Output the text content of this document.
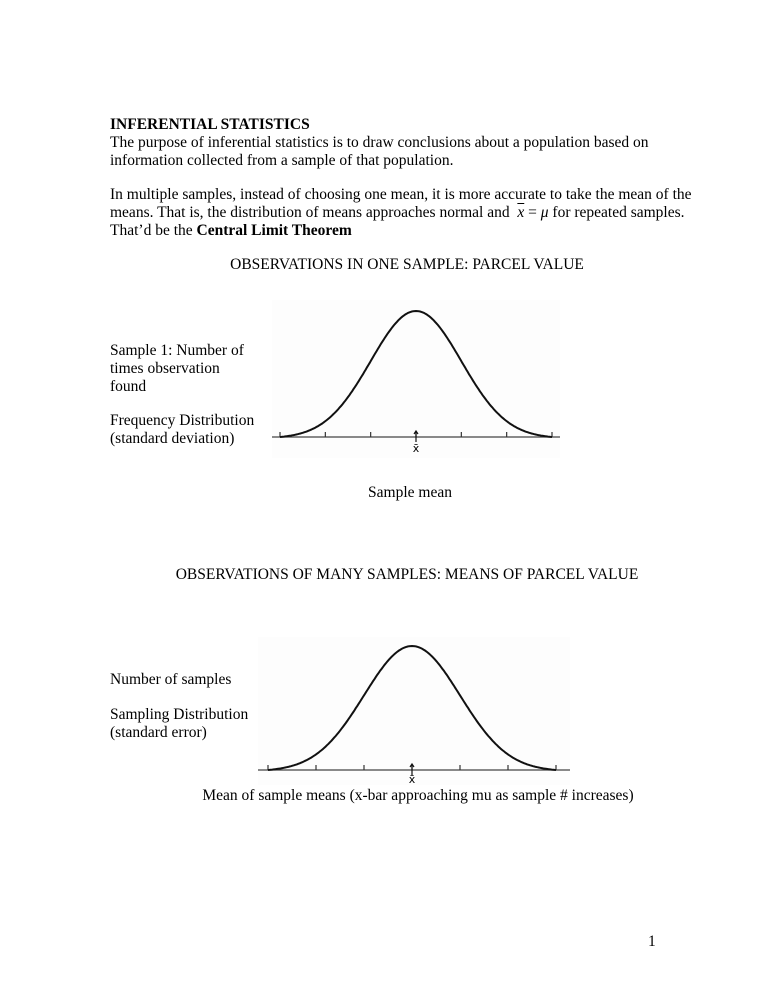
INFERENTIAL STATISTICS
The purpose of inferential statistics is to draw conclusions about a population based on
information collected from a sample of that population.
In multiple samples, instead of choosing one mean, it is more accurate to take the mean of the
means. That is, the distribution of means approaches normal and $\overline{x} = \mu$ for repeated samples.
That’d be the Central Limit Theorem
OBSERVATIONS IN ONE SAMPLE: PARCEL VALUE
Sample 1: Number of
times observation
found
Frequency Distribution
(standard deviation)
x̄
Sample mean
OBSERVATIONS OF MANY SAMPLES: MEANS OF PARCEL VALUE
Number of samples
Sampling Distribution
(standard error)
x̄
Mean of sample means (x-bar approaching mu as sample # increases)
1
